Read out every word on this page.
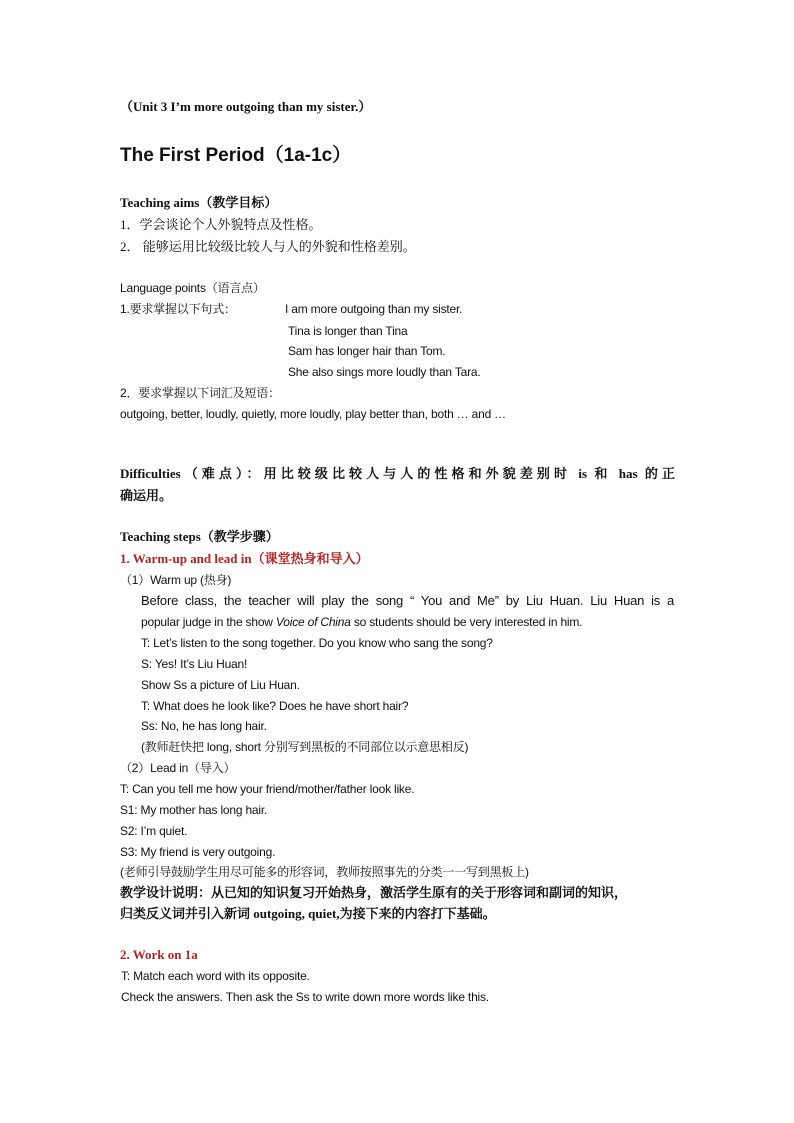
（Unit 3 I’m more outgoing than my sister.）
The First Period（1a-1c）
Teaching aims（教学目标）
1．学会谈论个人外貌特点及性格。
2． 能够运用比较级比较人与人的外貌和性格差别。
Language points（语言点）
1.要求掌握以下句式：	I am more outgoing than my sister.
Tina is longer than Tina
Sam has longer hair than Tom.
She also sings more loudly than Tara.
2．要求掌握以下词汇及短语：
outgoing, better, loudly, quietly, more loudly, play better than, both … and …
Difficulties（难点）：用比较级比较人与人的性格和外貌差别时 is 和 has 的正
确运用。
Teaching steps（教学步骤）
1. Warm-up and lead in（课堂热身和导入）
（1）Warm up (热身)
Before class, the teacher will play the song “ You and Me” by Liu Huan. Liu Huan is a
popular judge in the show Voice of China so students should be very interested in him.
T: Let’s listen to the song together. Do you know who sang the song?
S: Yes! It’s Liu Huan!
Show Ss a picture of Liu Huan.
T: What does he look like? Does he have short hair?
Ss: No, he has long hair.
(教师赶快把 long, short 分别写到黑板的不同部位以示意思相反)
（2）Lead in（导入）
T: Can you tell me how your friend/mother/father look like.
S1: My mother has long hair.
S2: I’m quiet.
S3: My friend is very outgoing.
(老师引导鼓励学生用尽可能多的形容词，教师按照事先的分类一一写到黑板上)
教学设计说明：从已知的知识复习开始热身，激活学生原有的关于形容词和副词的知识，
归类反义词并引入新词 outgoing, quiet,为接下来的内容打下基础。
2. Work on 1a
T: Match each word with its opposite.
Check the answers. Then ask the Ss to write down more words like this.
